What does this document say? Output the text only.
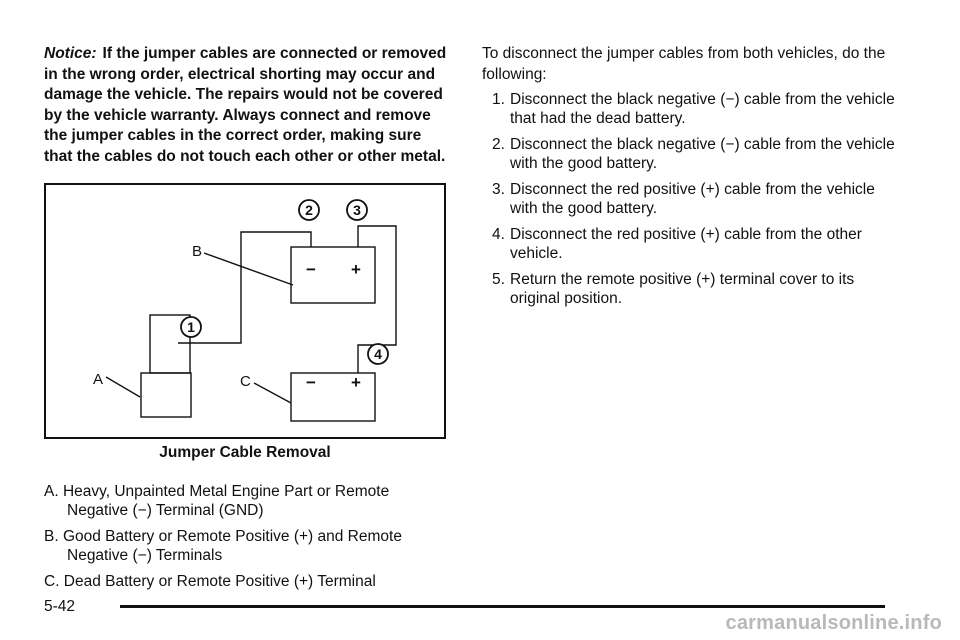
Notice: If the jumper cables are connected or removed in the wrong order, electrical shorting may occur and damage the vehicle. The repairs would not be covered by the vehicle warranty. Always connect and remove the jumper cables in the correct order, making sure that the cables do not touch each other or other metal.

− +
− +
B
A	C
1
2	3
4
Jumper Cable Removal
A. Heavy, Unpainted Metal Engine Part or Remote Negative (−) Terminal (GND)
B. Good Battery or Remote Positive (+) and Remote Negative (−) Terminals
C. Dead Battery or Remote Positive (+) Terminal

To disconnect the jumper cables from both vehicles, do the following:

1. Disconnect the black negative (−) cable from the vehicle that had the dead battery.
2. Disconnect the black negative (−) cable from the vehicle with the good battery.
3. Disconnect the red positive (+) cable from the vehicle with the good battery.
4. Disconnect the red positive (+) cable from the other vehicle.
5. Return the remote positive (+) terminal cover to its original position.
5-42
carmanualsonline.info
